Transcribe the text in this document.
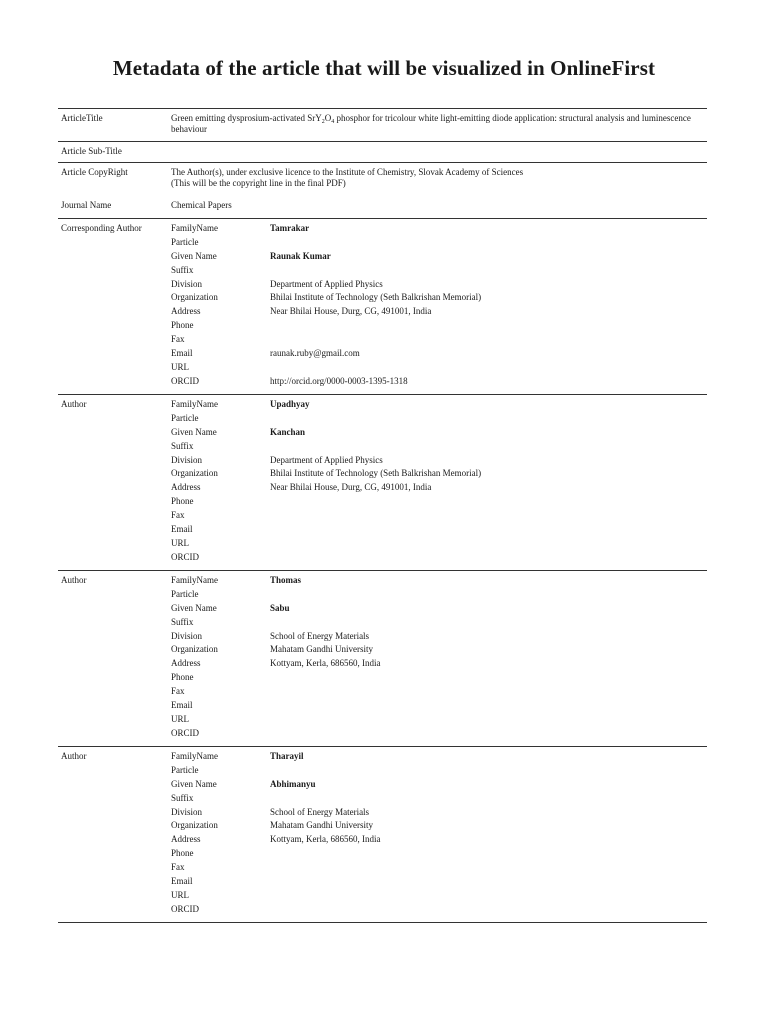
Metadata of the article that will be visualized in OnlineFirst
ArticleTitle	Green emitting dysprosium-activated $SrY_2O_4$ phosphor for tricolour white light-emitting diode application: structural analysis and luminescence behaviour
Article Sub-Title
Article CopyRight	The Author(s), under exclusive licence to the Institute of Chemistry, Slovak Academy of Sciences
(This will be the copyright line in the final PDF)
Journal Name	Chemical Papers
Corresponding Author	FamilyName	Tamrakar
Particle
Given Name	Raunak Kumar
Suffix
Division	Department of Applied Physics
Organization	Bhilai Institute of Technology (Seth Balkrishan Memorial)
Address	Near Bhilai House, Durg, CG, 491001, India
Phone
Fax
Email	raunak.ruby@gmail.com
URL
ORCID	http://orcid.org/0000-0003-1395-1318
Author	FamilyName	Upadhyay
Particle
Given Name	Kanchan
Suffix
Division	Department of Applied Physics
Organization	Bhilai Institute of Technology (Seth Balkrishan Memorial)
Address	Near Bhilai House, Durg, CG, 491001, India
Phone
Fax
Email
URL
ORCID
Author	FamilyName	Thomas
Particle
Given Name	Sabu
Suffix
Division	School of Energy Materials
Organization	Mahatam Gandhi University
Address	Kottyam, Kerla, 686560, India
Phone
Fax
Email
URL
ORCID
Author	FamilyName	Tharayil
Particle
Given Name	Abhimanyu
Suffix
Division	School of Energy Materials
Organization	Mahatam Gandhi University
Address	Kottyam, Kerla, 686560, India
Phone
Fax
Email
URL
ORCID
